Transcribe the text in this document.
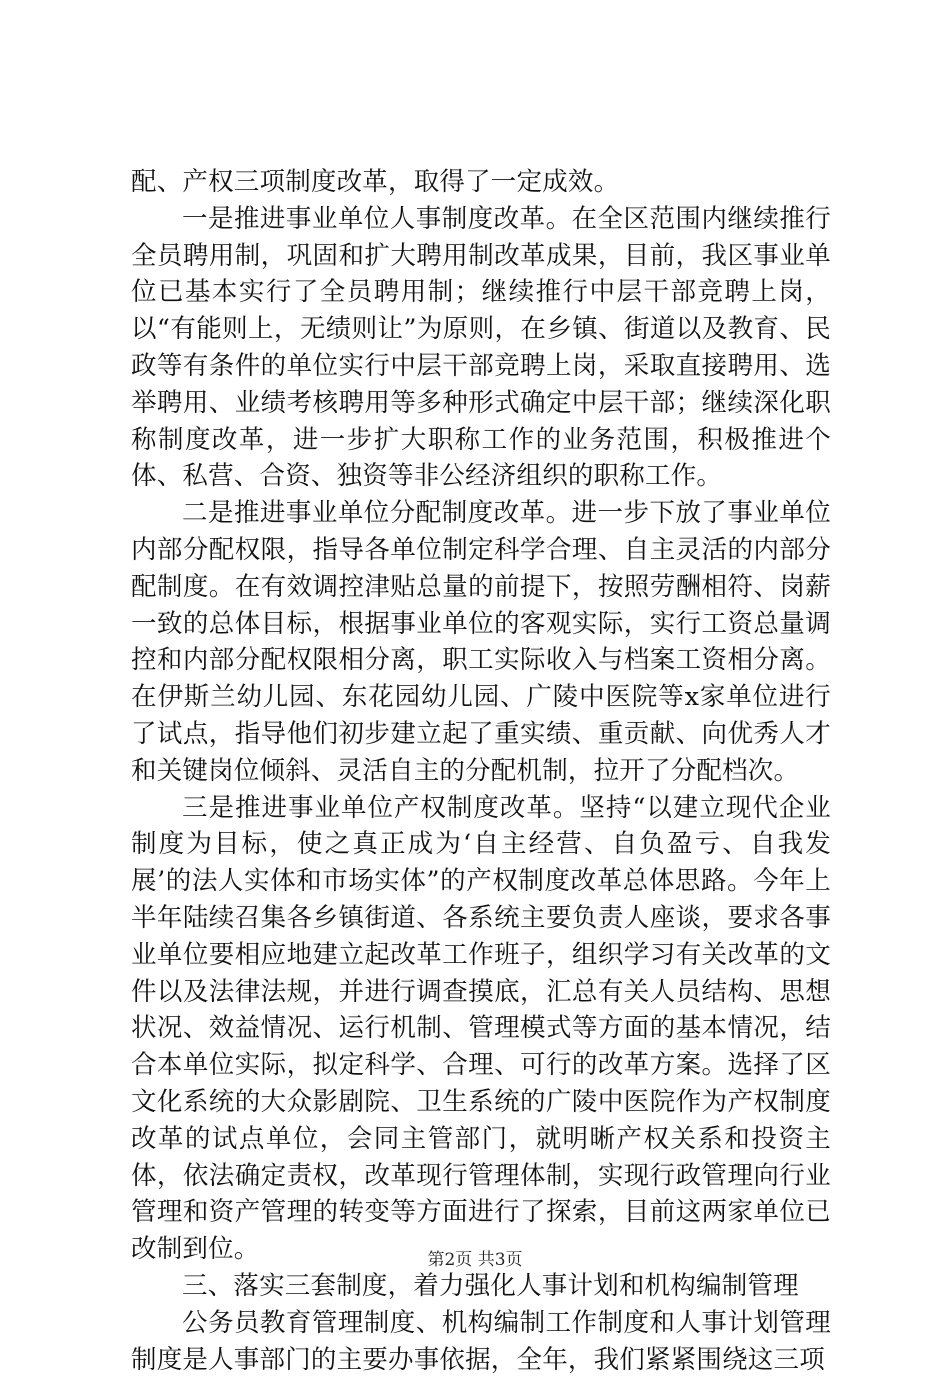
配、产权三项制度改革，取得了一定成效。

一是推进事业单位人事制度改革。在全区范围内继续推行全员聘用制，巩固和扩大聘用制改革成果，目前，我区事业单位已基本实行了全员聘用制；继续推行中层干部竞聘上岗，以“有能则上，无绩则让”为原则，在乡镇、街道以及教育、民政等有条件的单位实行中层干部竞聘上岗，采取直接聘用、选举聘用、业绩考核聘用等多种形式确定中层干部；继续深化职称制度改革，进一步扩大职称工作的业务范围，积极推进个体、私营、合资、独资等非公经济组织的职称工作。

二是推进事业单位分配制度改革。进一步下放了事业单位内部分配权限，指导各单位制定科学合理、自主灵活的内部分配制度。在有效调控津贴总量的前提下，按照劳酬相符、岗薪一致的总体目标，根据事业单位的客观实际，实行工资总量调控和内部分配权限相分离，职工实际收入与档案工资相分离。在伊斯兰幼儿园、东花园幼儿园、广陵中医院等x家单位进行了试点，指导他们初步建立起了重实绩、重贡献、向优秀人才和关键岗位倾斜、灵活自主的分配机制，拉开了分配档次。

三是推进事业单位产权制度改革。坚持“以建立现代企业制度为目标，使之真正成为‘自主经营、自负盈亏、自我发展’的法人实体和市场实体”的产权制度改革总体思路。今年上半年陆续召集各乡镇街道、各系统主要负责人座谈，要求各事业单位要相应地建立起改革工作班子，组织学习有关改革的文件以及法律法规，并进行调查摸底，汇总有关人员结构、思想状况、效益情况、运行机制、管理模式等方面的基本情况，结合本单位实际，拟定科学、合理、可行的改革方案。选择了区文化系统的大众影剧院、卫生系统的广陵中医院作为产权制度改革的试点单位，会同主管部门，就明晰产权关系和投资主体，依法确定责权，改革现行管理体制，实现行政管理向行业管理和资产管理的转变等方面进行了探索，目前这两家单位已改制到位。

三、落实三套制度，着力强化人事计划和机构编制管理

公务员教育管理制度、机构编制工作制度和人事计划管理制度是人事部门的主要办事依据，全年，我们紧紧围绕这三项

第2页 共3页
